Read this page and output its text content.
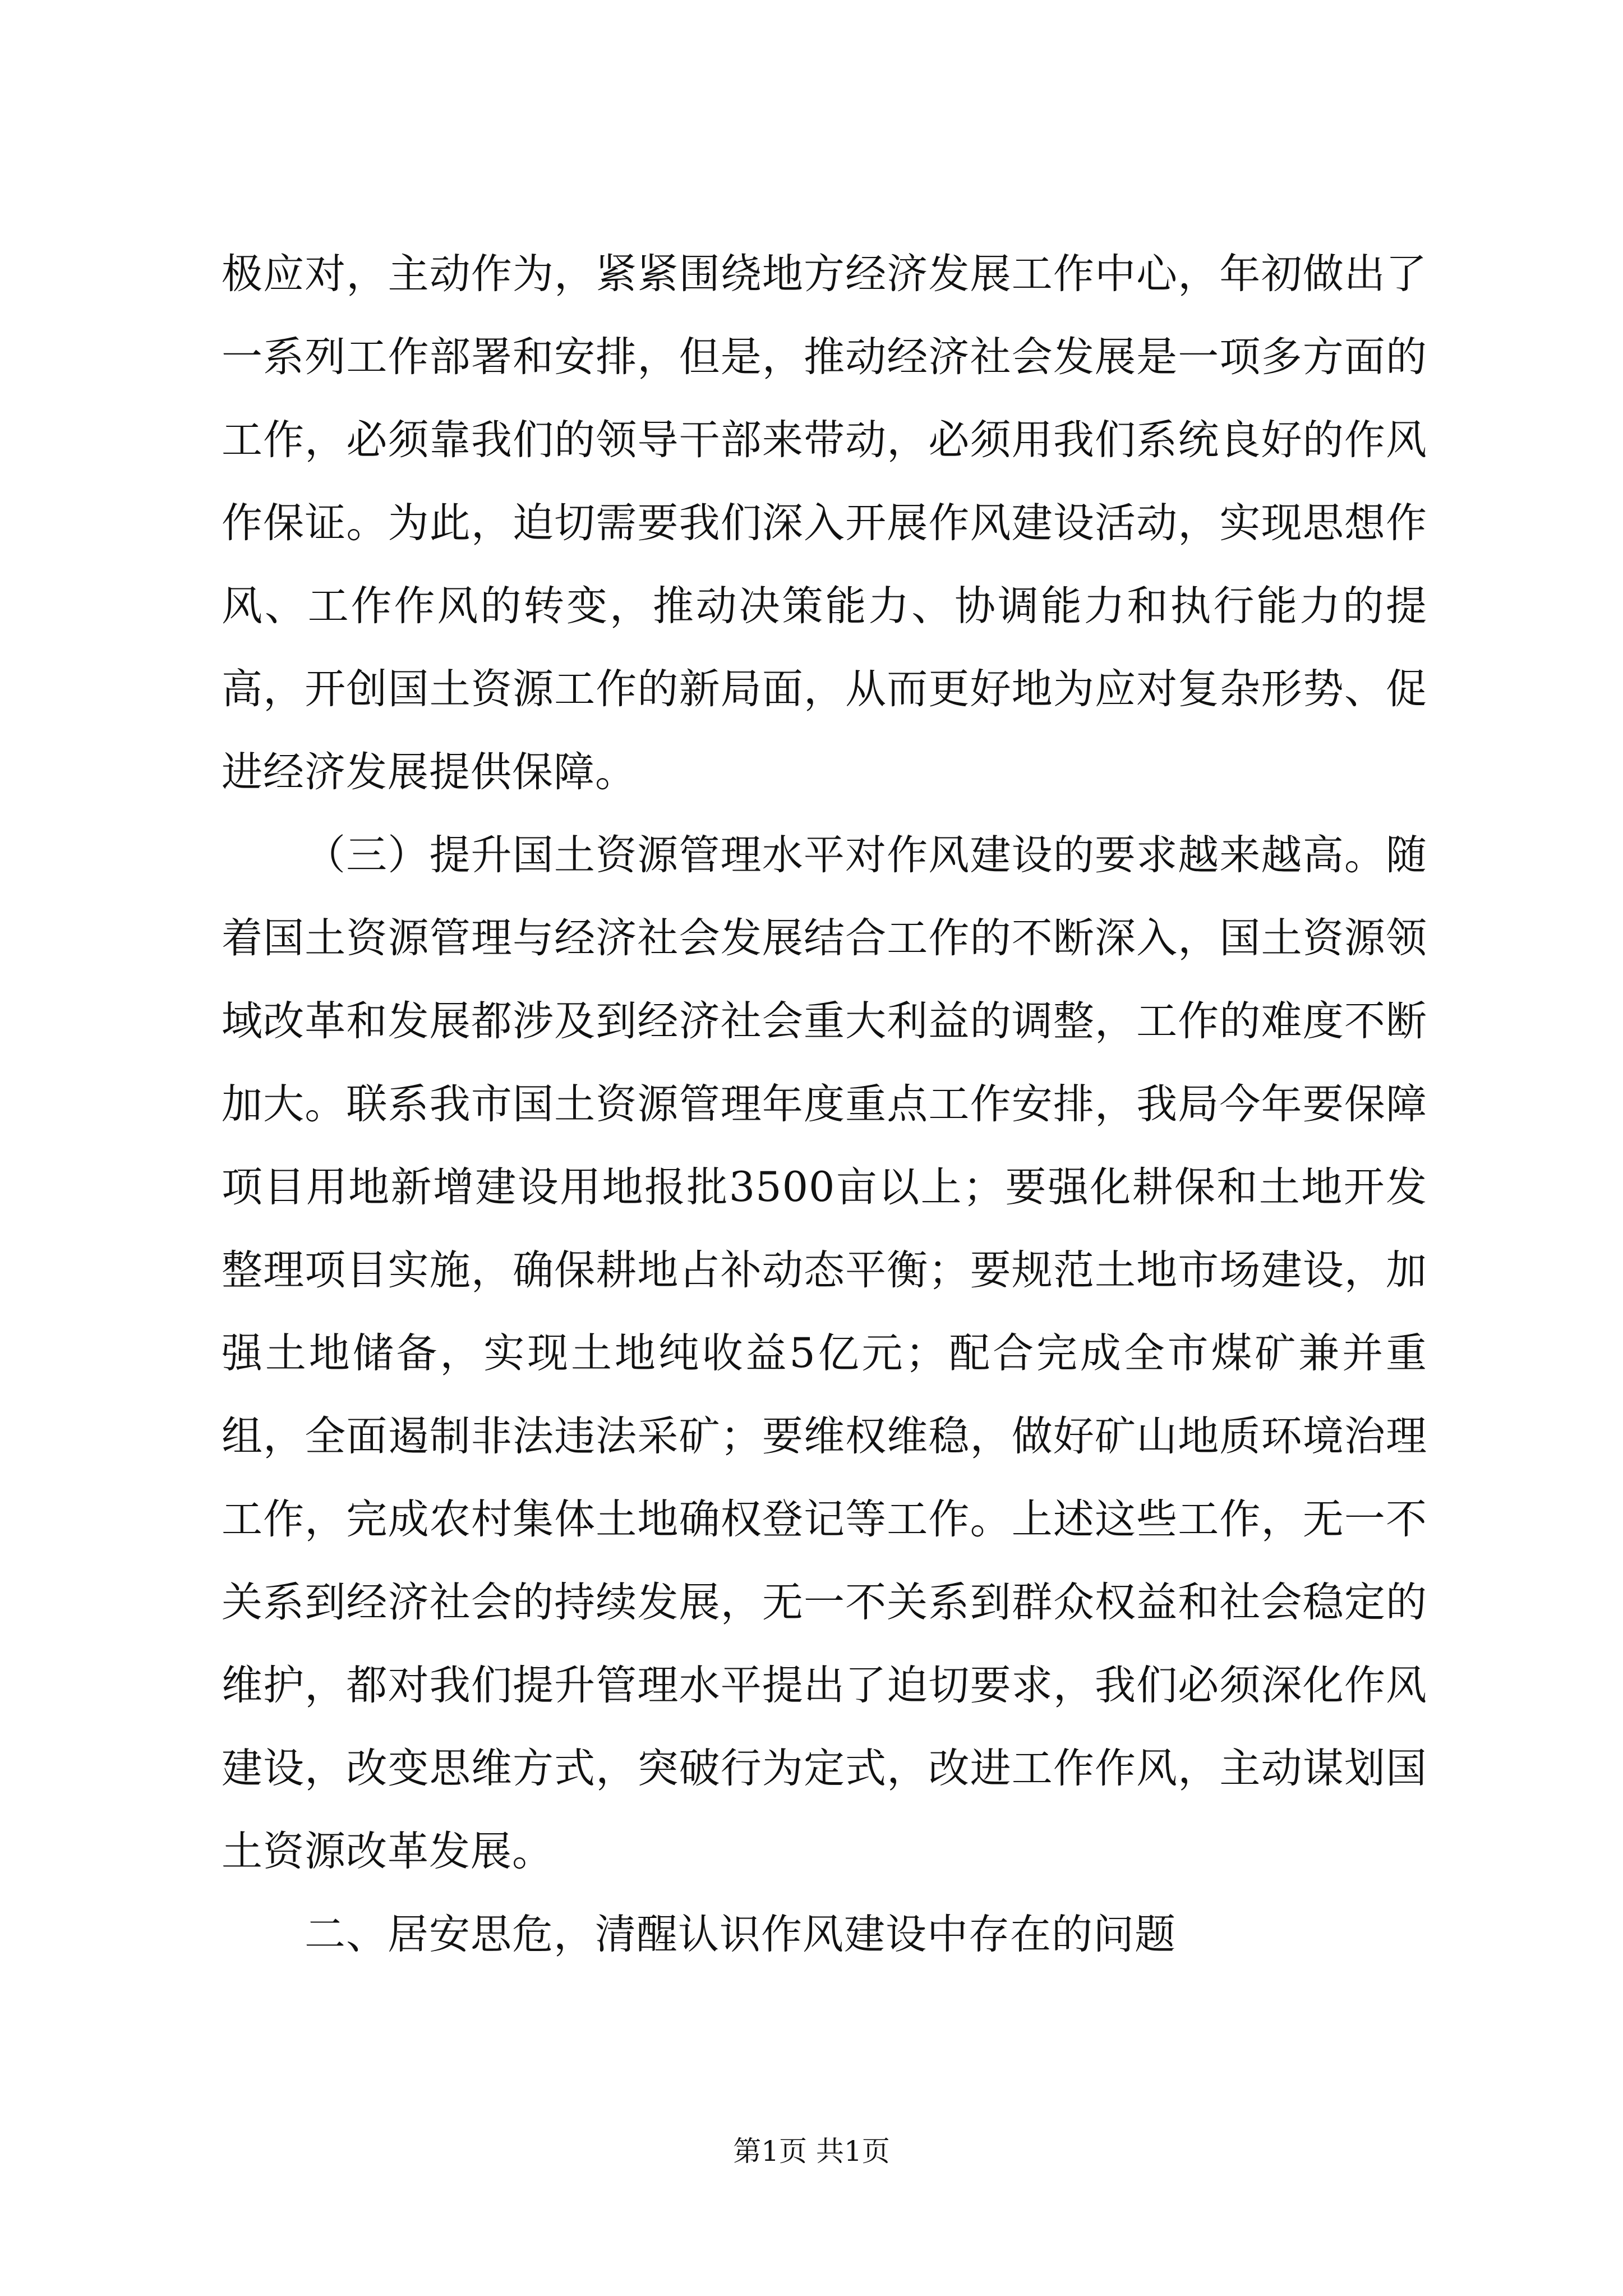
极应对，主动作为，紧紧围绕地方经济发展工作中心，年初做出了一系列工作部署和安排，但是，推动经济社会发展是一项多方面的工作，必须靠我们的领导干部来带动，必须用我们系统良好的作风作保证。为此，迫切需要我们深入开展作风建设活动，实现思想作风、工作作风的转变，推动决策能力、协调能力和执行能力的提高，开创国土资源工作的新局面，从而更好地为应对复杂形势、促进经济发展提供保障。

（三）提升国土资源管理水平对作风建设的要求越来越高。随着国土资源管理与经济社会发展结合工作的不断深入，国土资源领域改革和发展都涉及到经济社会重大利益的调整，工作的难度不断加大。联系我市国土资源管理年度重点工作安排，我局今年要保障项目用地新增建设用地报批3500亩以上；要强化耕保和土地开发整理项目实施，确保耕地占补动态平衡；要规范土地市场建设，加强土地储备，实现土地纯收益5亿元；配合完成全市煤矿兼并重组，全面遏制非法违法采矿；要维权维稳，做好矿山地质环境治理工作，完成农村集体土地确权登记等工作。上述这些工作，无一不关系到经济社会的持续发展，无一不关系到群众权益和社会稳定的维护，都对我们提升管理水平提出了迫切要求，我们必须深化作风建设，改变思维方式，突破行为定式，改进工作作风，主动谋划国土资源改革发展。

二、居安思危，清醒认识作风建设中存在的问题

第1页 共1页
